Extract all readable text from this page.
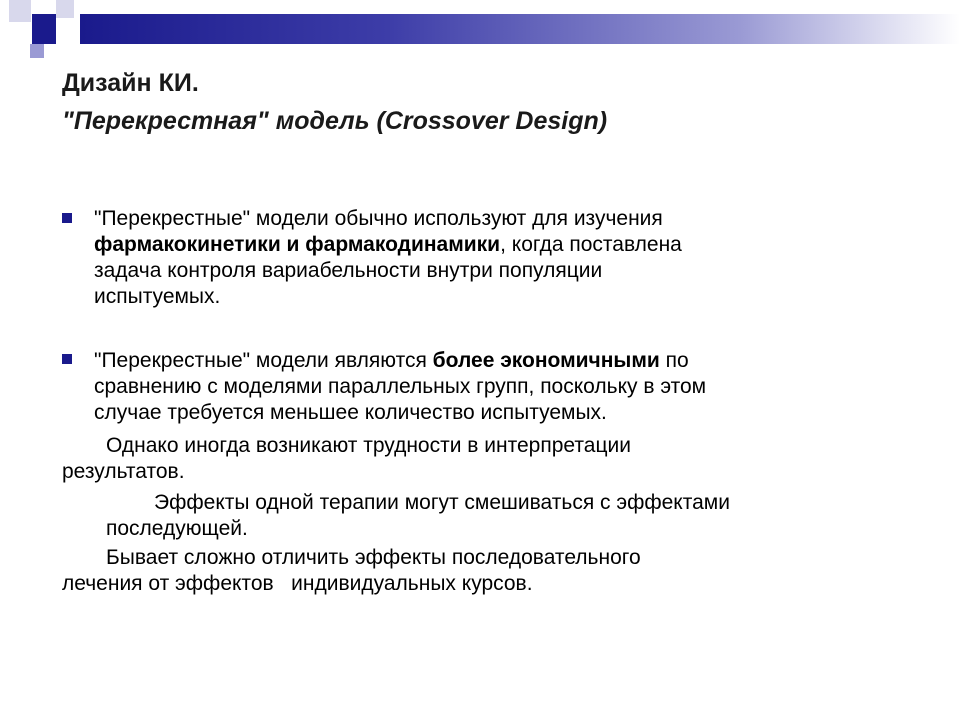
Дизайн КИ.
"Перекрестная" модель (Crossover Design)
"Перекрестные" модели обычно используют для изучения
фармакокинетики и фармакодинамики, когда поставлена
задача контроля вариабельности внутри популяции
испытуемых.
"Перекрестные" модели являются более экономичными по
сравнению с моделями параллельных групп, поскольку в этом
случае требуется меньшее количество испытуемых.
Однако иногда возникают трудности в интерпретации
результатов.
Эффекты одной терапии могут смешиваться с эффектами
последующей.
Бывает сложно отличить эффекты последовательного
лечения от эффектов   индивидуальных курсов.
